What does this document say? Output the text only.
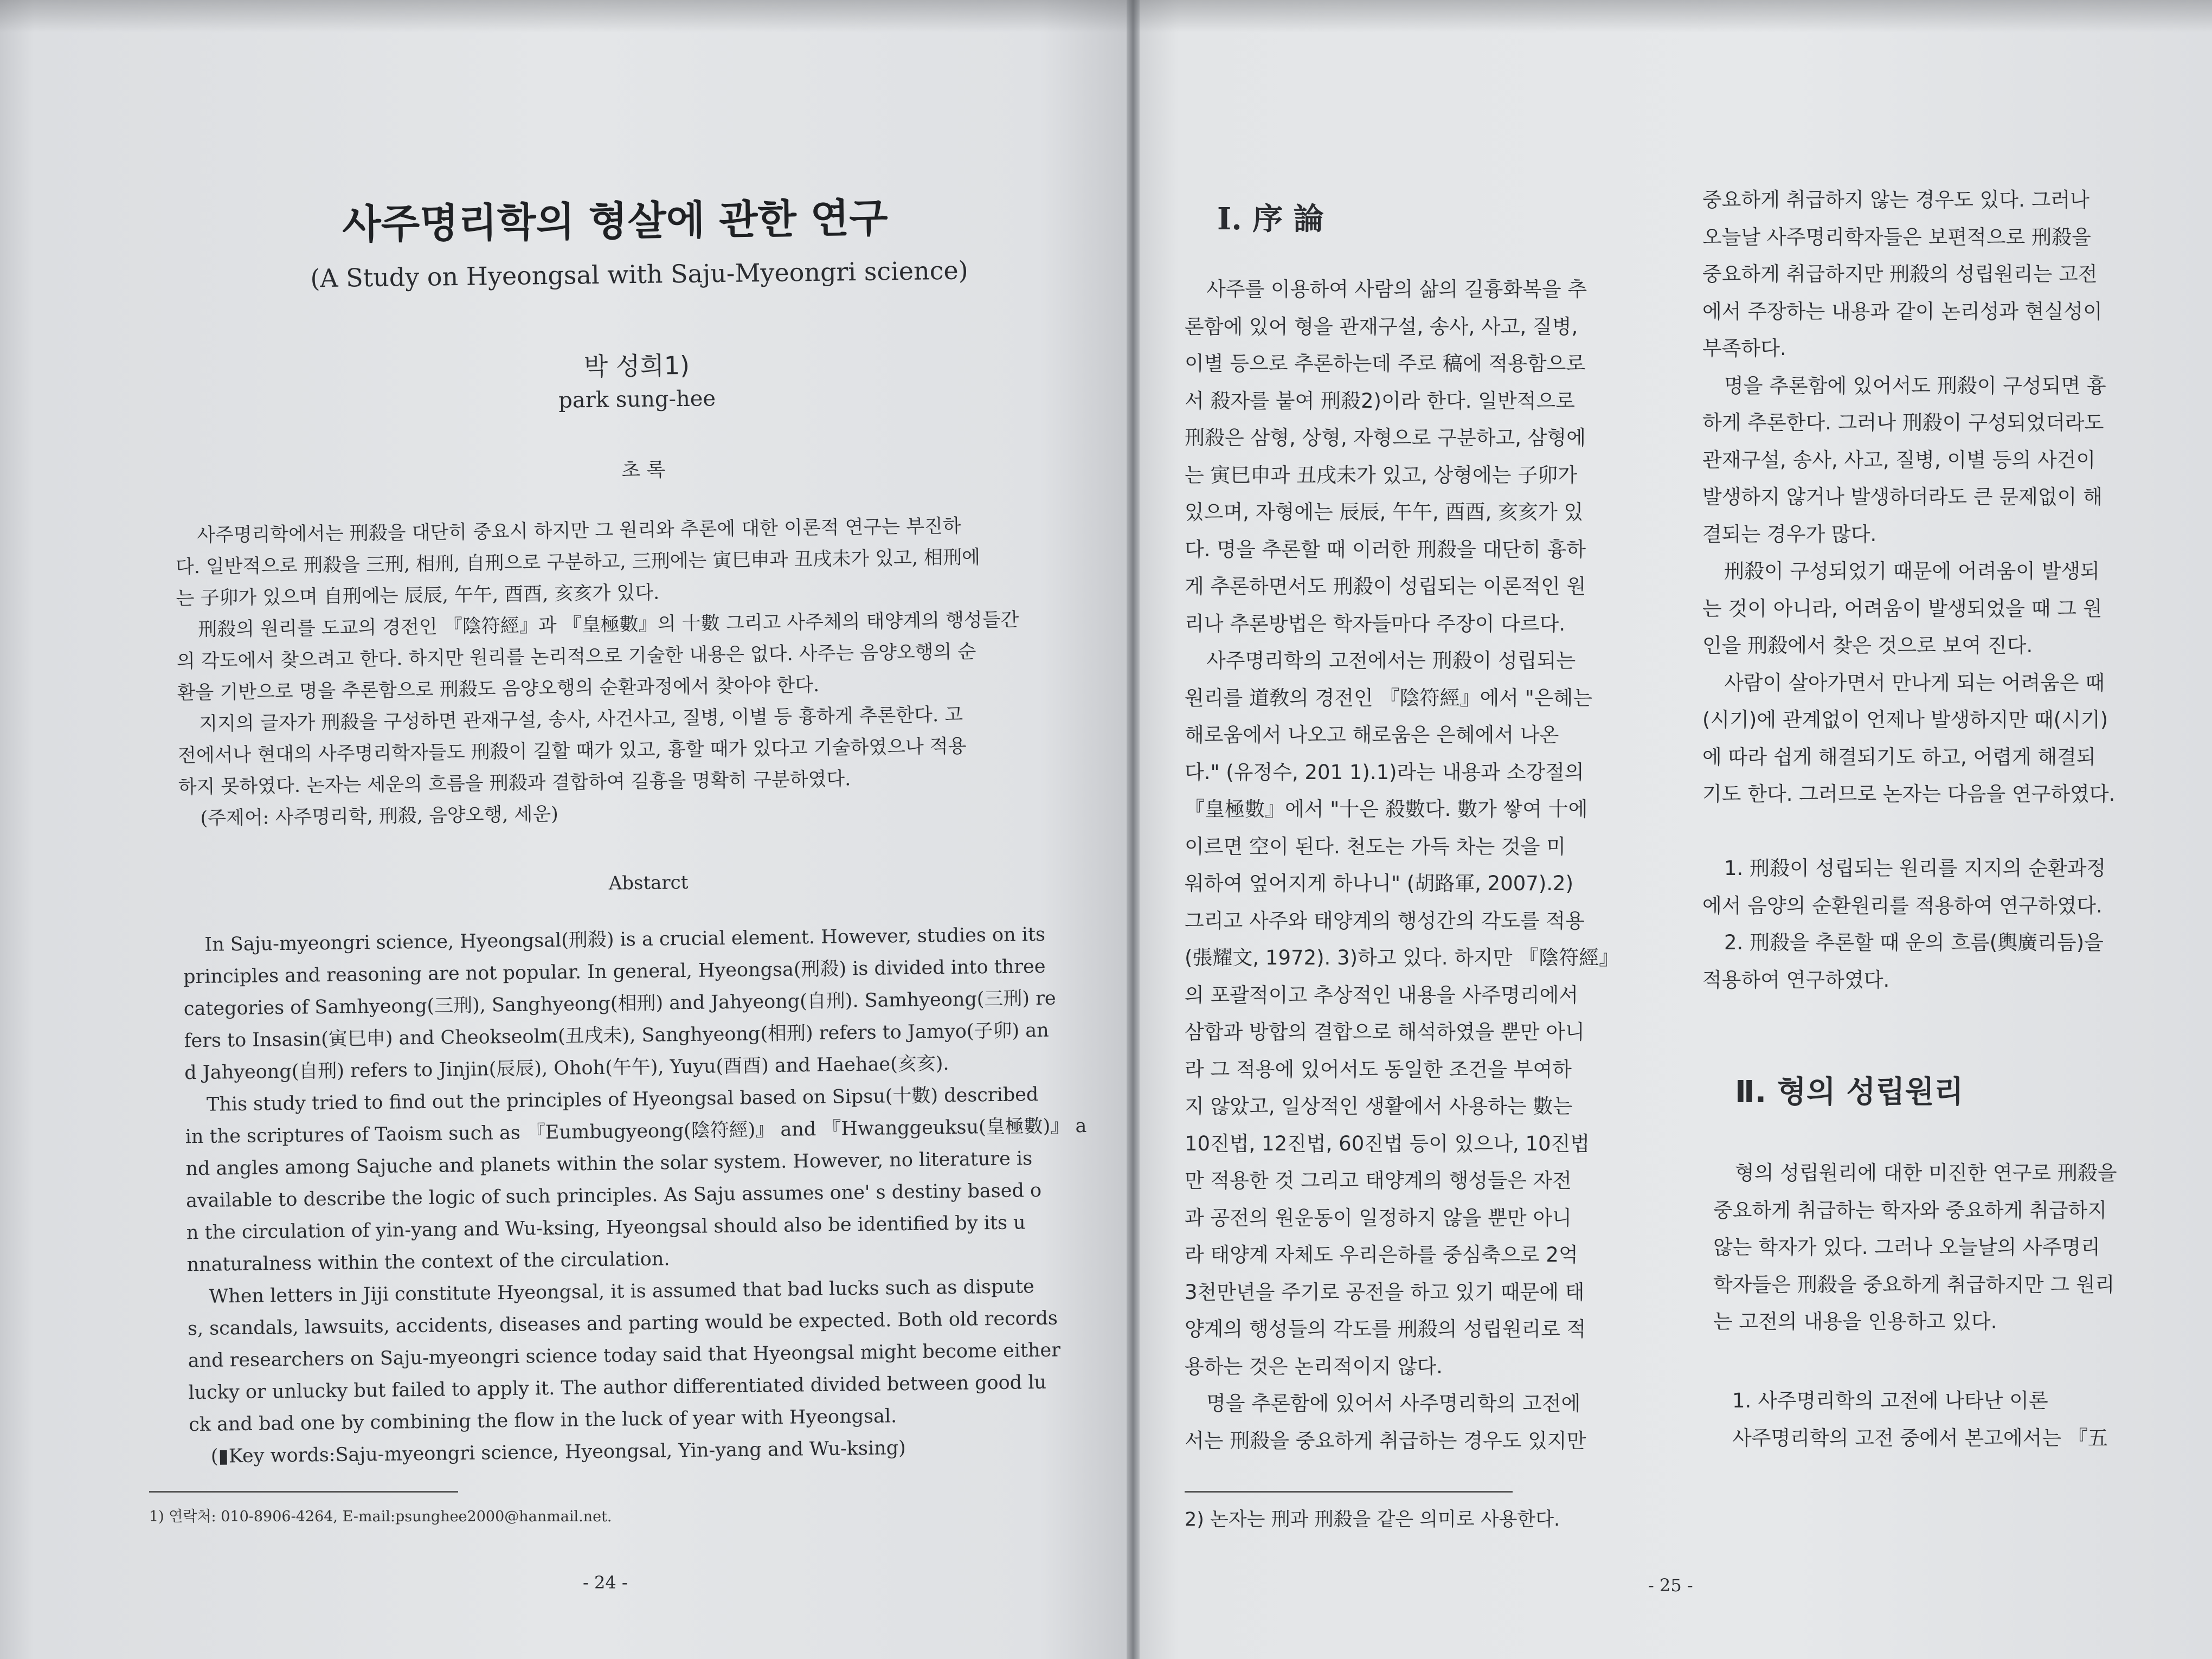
사주명리학의 형살에 관한 연구
(A Study on Hyeongsal with Saju-Myeongri science)
박 성희1)
park sung-hee
초 록

사주명리학에서는 刑殺을 대단히 중요시 하지만 그 원리와 추론에 대한 이론적 연구는 부진하

다. 일반적으로 刑殺을 三刑, 相刑, 自刑으로 구분하고, 三刑에는 寅巳申과 丑戌未가 있고, 相刑에

는 子卯가 있으며 自刑에는 辰辰, 午午, 酉酉, 亥亥가 있다.

刑殺의 원리를 도교의 경전인 『陰符經』과 『皇極數』의 十數 그리고 사주체의 태양계의 행성들간

의 각도에서 찾으려고 한다. 하지만 원리를 논리적으로 기술한 내용은 없다. 사주는 음양오행의 순

환을 기반으로 명을 추론함으로 刑殺도 음양오행의 순환과정에서 찾아야 한다.

지지의 글자가 刑殺을 구성하면 관재구설, 송사, 사건사고, 질병, 이별 등 흉하게 추론한다. 고

전에서나 현대의 사주명리학자들도 刑殺이 길할 때가 있고, 흉할 때가 있다고 기술하였으나 적용

하지 못하였다. 논자는 세운의 흐름을 刑殺과 결합하여 길흉을 명확히 구분하였다.

(주제어: 사주명리학, 刑殺, 음양오행, 세운)

Abstarct

In Saju-myeongri science, Hyeongsal(刑殺) is a crucial element. However, studies on its

principles and reasoning are not popular. In general, Hyeongsa(刑殺) is divided into three

categories of Samhyeong(三刑), Sanghyeong(相刑) and Jahyeong(自刑). Samhyeong(三刑) re

fers to Insasin(寅巳申) and Cheokseolm(丑戌未), Sanghyeong(相刑) refers to Jamyo(子卯) an

d Jahyeong(自刑) refers to Jinjin(辰辰), Ohoh(午午), Yuyu(酉酉) and Haehae(亥亥).

This study tried to find out the principles of Hyeongsal based on Sipsu(十數) described

in the scriptures of Taoism such as 『Eumbugyeong(陰符經)』 and 『Hwanggeuksu(皇極數)』 a

nd angles among Sajuche and planets within the solar system. However, no literature is

available to describe the logic of such principles. As Saju assumes one' s destiny based o

n the circulation of yin-yang and Wu-ksing, Hyeongsal should also be identified by its u

nnaturalness within the context of the circulation.

When letters in Jiji constitute Hyeongsal, it is assumed that bad lucks such as dispute

s, scandals, lawsuits, accidents, diseases and parting would be expected. Both old records

and researchers on Saju-myeongri science today said that Hyeongsal might become either

lucky or unlucky but failed to apply it. The author differentiated divided between good lu

ck and bad one by combining the flow in the luck of year with Hyeongsal.

(▮Key words:Saju-myeongri science, Hyeongsal, Yin-yang and Wu-ksing)

1) 연락처: 010-8906-4264, E-mail:psunghee2000@hanmail.net.
- 24 -
Ⅰ. 序 論

사주를 이용하여 사람의 삶의 길흉화복을 추

론함에 있어 형을 관재구설, 송사, 사고, 질병,

이별 등으로 추론하는데 주로 稿에 적용함으로

서 殺자를 붙여 刑殺2)이라 한다. 일반적으로

刑殺은 삼형, 상형, 자형으로 구분하고, 삼형에

는 寅巳申과 丑戌未가 있고, 상형에는 子卯가

있으며, 자형에는 辰辰, 午午, 酉酉, 亥亥가 있

다. 명을 추론할 때 이러한 刑殺을 대단히 흉하

게 추론하면서도 刑殺이 성립되는 이론적인 원

리나 추론방법은 학자들마다 주장이 다르다.

사주명리학의 고전에서는 刑殺이 성립되는

원리를 道敎의 경전인 『陰符經』에서 "은혜는

해로움에서 나오고 해로움은 은혜에서 나온

다." (유정수, 201 1).1)라는 내용과 소강절의

『皇極數』에서 "十은 殺數다. 數가 쌓여 十에

이르면 空이 된다. 천도는 가득 차는 것을 미

워하여 엎어지게 하나니" (胡路軍, 2007).2)

그리고 사주와 태양계의 행성간의 각도를 적용

(張耀文, 1972). 3)하고 있다. 하지만 『陰符經』

의 포괄적이고 추상적인 내용을 사주명리에서

삼합과 방합의 결합으로 해석하였을 뿐만 아니

라 그 적용에 있어서도 동일한 조건을 부여하

지 않았고, 일상적인 생활에서 사용하는 數는

10진법, 12진법, 60진법 등이 있으나, 10진법

만 적용한 것 그리고 태양계의 행성들은 자전

과 공전의 원운동이 일정하지 않을 뿐만 아니

라 태양계 자체도 우리은하를 중심축으로 2억

3천만년을 주기로 공전을 하고 있기 때문에 태

양계의 행성들의 각도를 刑殺의 성립원리로 적

용하는 것은 논리적이지 않다.

명을 추론함에 있어서 사주명리학의 고전에

서는 刑殺을 중요하게 취급하는 경우도 있지만

중요하게 취급하지 않는 경우도 있다. 그러나

오늘날 사주명리학자들은 보편적으로 刑殺을

중요하게 취급하지만 刑殺의 성립원리는 고전

에서 주장하는 내용과 같이 논리성과 현실성이

부족하다.

명을 추론함에 있어서도 刑殺이 구성되면 흉

하게 추론한다. 그러나 刑殺이 구성되었더라도

관재구설, 송사, 사고, 질병, 이별 등의 사건이

발생하지 않거나 발생하더라도 큰 문제없이 해

결되는 경우가 많다.

刑殺이 구성되었기 때문에 어려움이 발생되

는 것이 아니라, 어려움이 발생되었을 때 그 원

인을 刑殺에서 찾은 것으로 보여 진다.

사람이 살아가면서 만나게 되는 어려움은 때

(시기)에 관계없이 언제나 발생하지만 때(시기)

에 따라 쉽게 해결되기도 하고, 어렵게 해결되

기도 한다. 그러므로 논자는 다음을 연구하였다.

1. 刑殺이 성립되는 원리를 지지의 순환과정

에서 음양의 순환원리를 적용하여 연구하였다.

2. 刑殺을 추론할 때 운의 흐름(輿廣리듬)을

적용하여 연구하였다.

Ⅱ. 형의 성립원리

형의 성립원리에 대한 미진한 연구로 刑殺을

중요하게 취급하는 학자와 중요하게 취급하지

않는 학자가 있다. 그러나 오늘날의 사주명리

학자들은 刑殺을 중요하게 취급하지만 그 원리

는 고전의 내용을 인용하고 있다.

1. 사주명리학의 고전에 나타난 이론

사주명리학의 고전 중에서 본고에서는 『五

2) 논자는 刑과 刑殺을 같은 의미로 사용한다.
- 25 -
